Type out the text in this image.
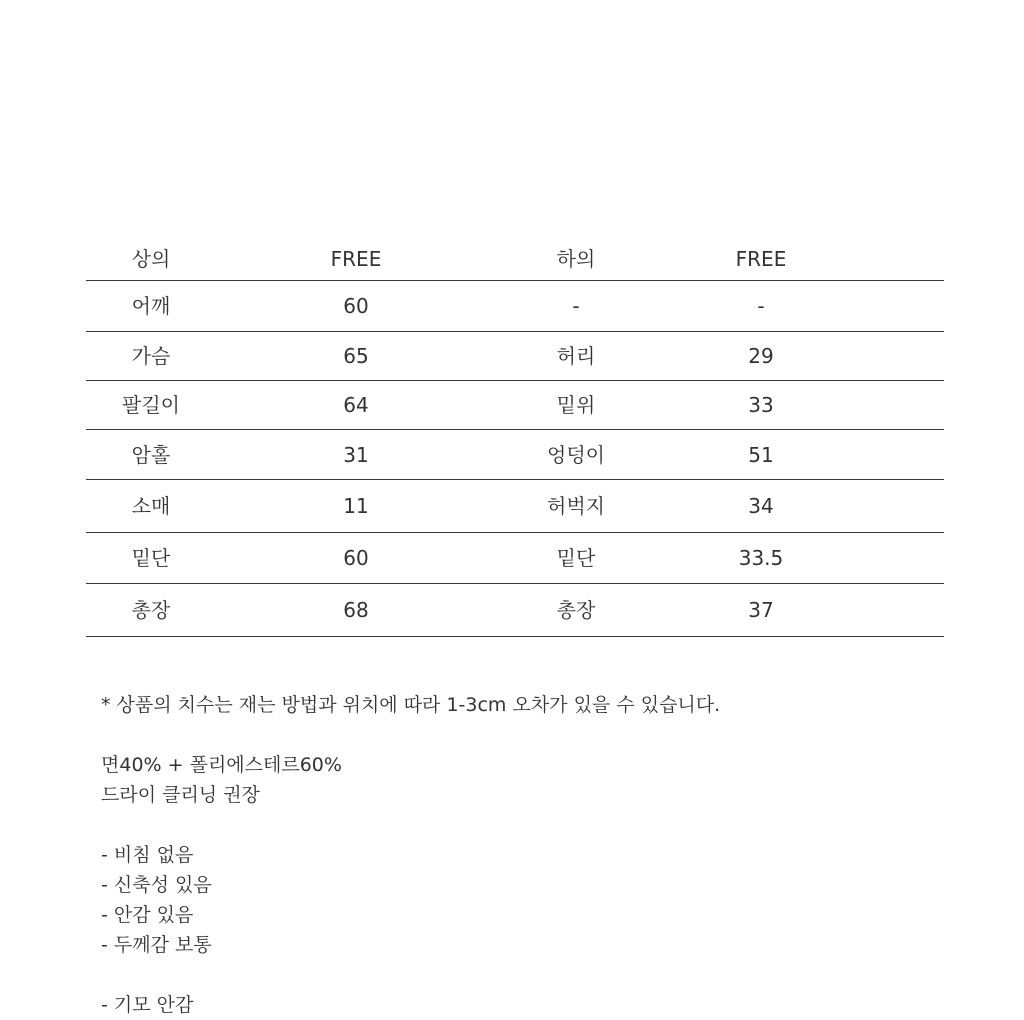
상의	FREE	하의	FREE	
어깨	60	-	-	
가슴	65	허리	29	
팔길이	64	밑위	33	
암홀	31	엉덩이	51	
소매	11	허벅지	34	
밑단	60	밑단	33.5	
총장	68	총장	37	
* 상품의 치수는 재는 방법과 위치에 따라 1-3cm 오차가 있을 수 있습니다.
면40% + 폴리에스테르60%
드라이 클리닝 권장
- 비침 없음
- 신축성 있음
- 안감 있음
- 두께감 보통
- 기모 안감
